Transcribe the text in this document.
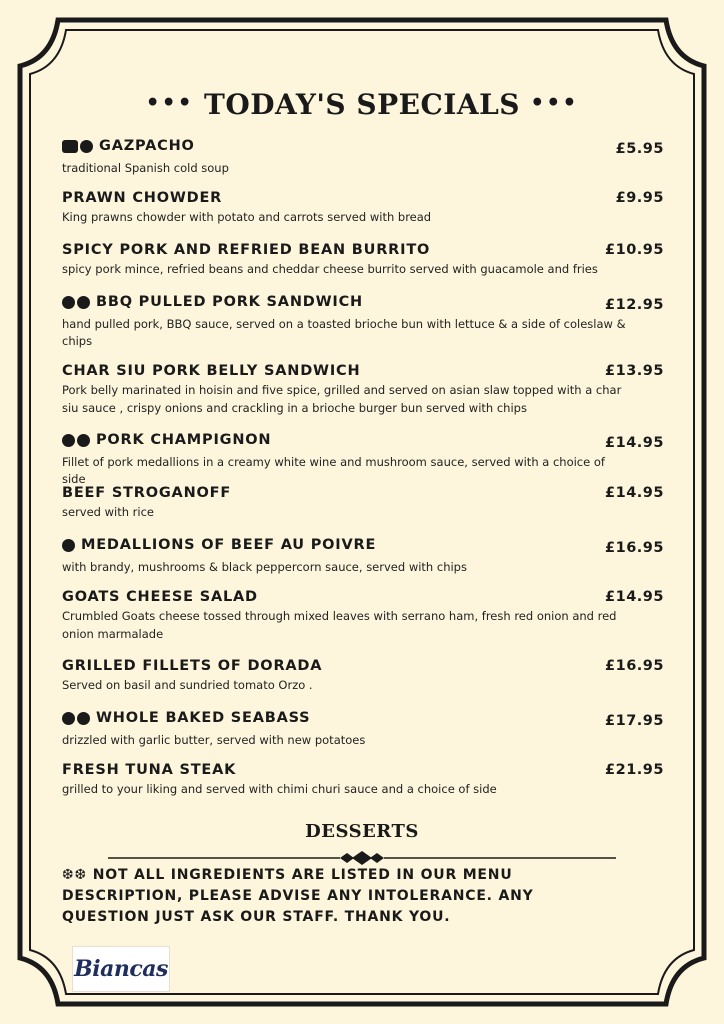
••• TODAY'S SPECIALS •••
GAZPACHO	£5.95
traditional Spanish cold soup
PRAWN CHOWDER	£9.95
King prawns chowder with potato and carrots served with bread
SPICY PORK AND REFRIED BEAN BURRITO	£10.95
spicy pork mince, refried beans and cheddar cheese burrito served with guacamole and fries
BBQ PULLED PORK SANDWICH	£12.95
hand pulled pork, BBQ sauce, served on a toasted brioche bun with lettuce & a side of coleslaw & chips
CHAR SIU PORK BELLY SANDWICH	£13.95
Pork belly marinated in hoisin and five spice, grilled and served on asian slaw topped with a char siu sauce , crispy onions and crackling in a brioche burger bun served with chips
PORK CHAMPIGNON	£14.95
Fillet of pork medallions in a creamy white wine and mushroom sauce, served with a choice of side
BEEF STROGANOFF	£14.95
served with rice
MEDALLIONS OF BEEF AU POIVRE	£16.95
with brandy, mushrooms & black peppercorn sauce, served with chips
GOATS CHEESE SALAD	£14.95
Crumbled Goats cheese tossed through mixed leaves with serrano ham, fresh red onion and red onion marmalade
GRILLED FILLETS OF DORADA	£16.95
Served on basil and sundried tomato Orzo .
WHOLE BAKED SEABASS	£17.95
drizzled with garlic butter, served with new potatoes
FRESH TUNA STEAK	£21.95
grilled to your liking and served with chimi churi sauce and a choice of side
DESSERTS
❆❆ NOT ALL INGREDIENTS ARE LISTED IN OUR MENU DESCRIPTION, PLEASE ADVISE ANY INTOLERANCE. ANY QUESTION JUST ASK OUR STAFF. THANK YOU.
Biancas
